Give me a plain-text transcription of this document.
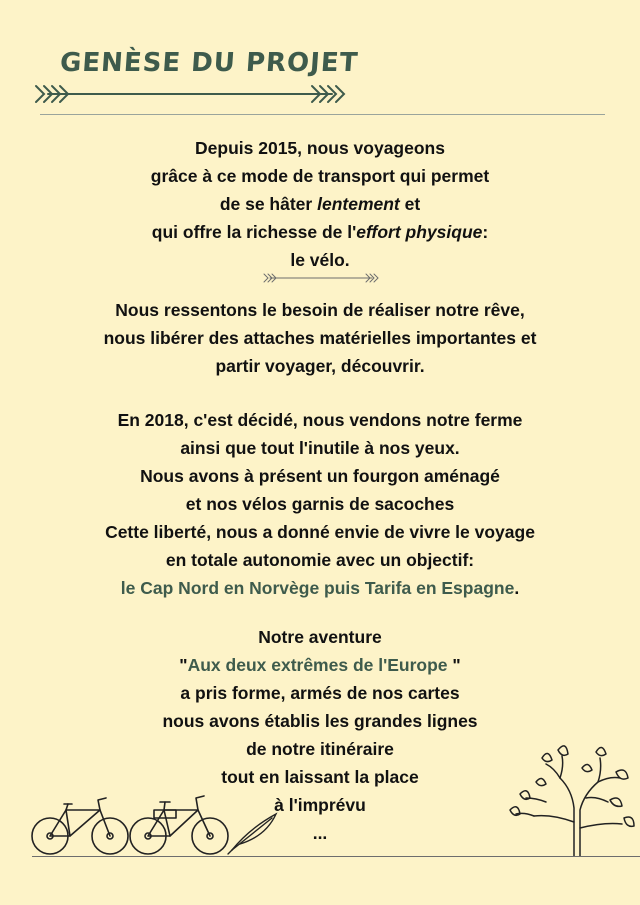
GENÈSE DU PROJET
Depuis 2015, nous voyageons
grâce à ce mode de transport qui permet
de se hâter lentement et
qui offre la richesse de l'effort physique:
le vélo.
Nous ressentons le besoin de réaliser notre rêve,
nous libérer des attaches matérielles importantes et
partir voyager, découvrir.
En 2018, c'est décidé, nous vendons notre ferme
ainsi que tout l'inutile à nos yeux.
Nous avons à présent un fourgon aménagé
et nos vélos garnis de sacoches
Cette liberté, nous a donné envie de vivre le voyage
en totale autonomie avec un objectif:
le Cap Nord en Norvège puis Tarifa en Espagne.
Notre aventure
"Aux deux extrêmes de l'Europe "
a pris forme, armés de nos cartes
nous avons établis les grandes lignes
de notre itinéraire
tout en laissant la place
à l'imprévu
...
